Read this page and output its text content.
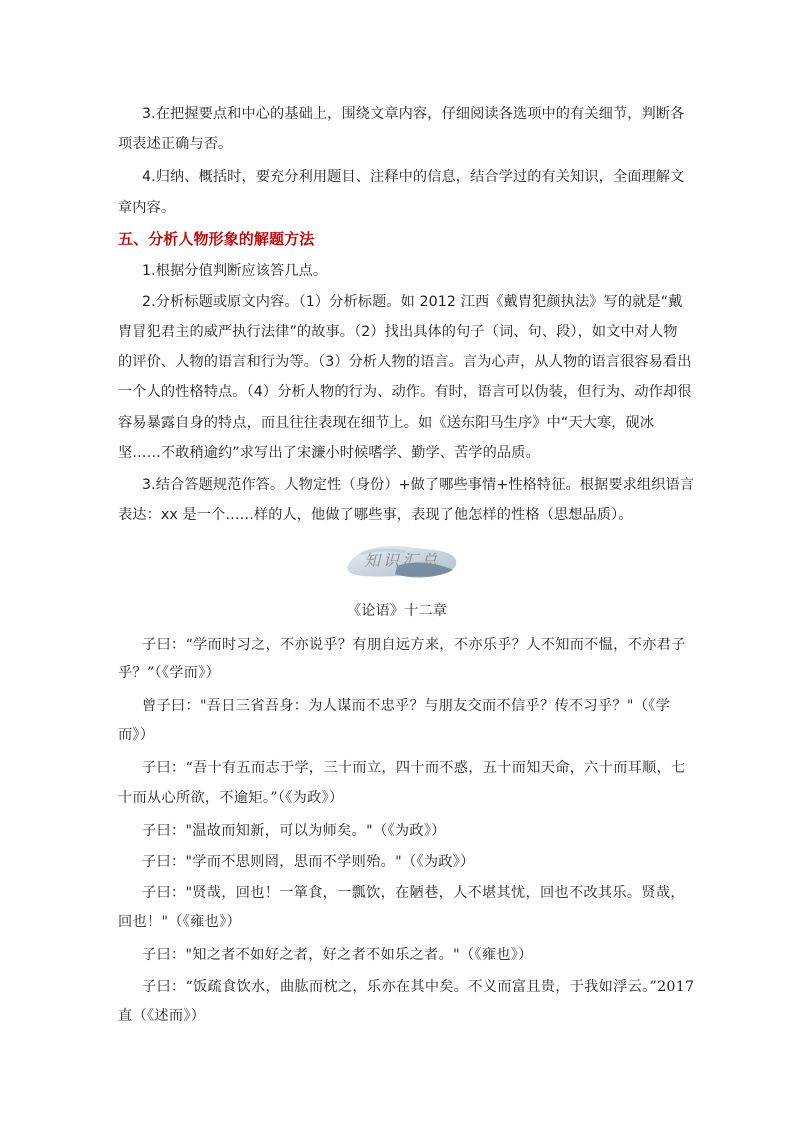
3.在把握要点和中心的基础上，围绕文章内容，仔细阅读各选项中的有关细节，判断各
项表述正确与否。
4.归纳、概括时，要充分利用题目、注释中的信息，结合学过的有关知识，全面理解文
章内容。
五、分析人物形象的解题方法
1.根据分值判断应该答几点。
2.分析标题或原文内容。（1）分析标题。如 2012 江西《戴胄犯颜执法》写的就是“戴
胄冒犯君主的威严执行法律”的故事。（2）找出具体的句子（词、句、段），如文中对人物
的评价、人物的语言和行为等。（3）分析人物的语言。言为心声，从人物的语言很容易看出
一个人的性格特点。（4）分析人物的行为、动作。有时，语言可以伪装，但行为、动作却很
容易暴露自身的特点，而且往往表现在细节上。如《送东阳马生序》中“天大寒，砚冰
坚……不敢稍逾约”求写出了宋濂小时候嗜学、勤学、苦学的品质。
3.结合答题规范作答。人物定性（身份）+做了哪些事情+性格特征。根据要求组织语言
表达：xx 是一个……样的人，他做了哪些事，表现了他怎样的性格（思想品质）。
知识汇总
《论语》十二章
子曰：“学而时习之，不亦说乎？有朋自远方来，不亦乐乎？人不知而不愠，不亦君子
乎？”（《学而》）
曾子曰："吾日三省吾身：为人谋而不忠乎？与朋友交而不信乎？传不习乎？"（《学
而》）
子曰：“吾十有五而志于学，三十而立，四十而不惑，五十而知天命，六十而耳顺，七
十而从心所欲，不逾矩。”（《为政》）
子曰："温故而知新，可以为师矣。"（《为政》）
子曰："学而不思则罔，思而不学则殆。"（《为政》）
子曰："贤哉，回也！一箪食，一瓢饮，在陋巷，人不堪其忧，回也不改其乐。贤哉，
回也！"（《雍也》）
子曰："知之者不如好之者，好之者不如乐之者。"（《雍也》）
子曰：“饭疏食饮水，曲肱而枕之，乐亦在其中矣。不义而富且贵，于我如浮云。”2017
直（《述而》）
